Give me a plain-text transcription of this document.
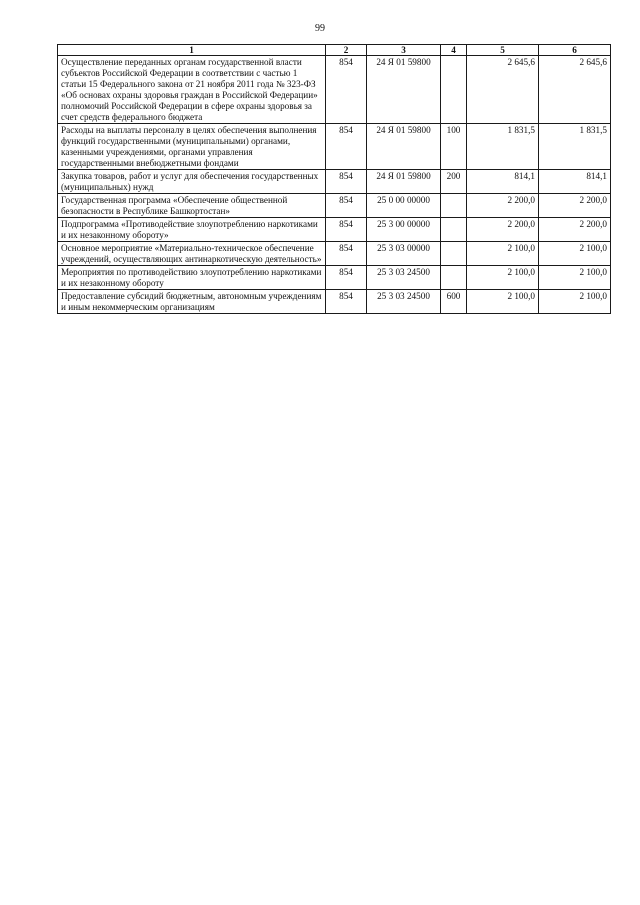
99
1	2	3	4	5	6
Осуществление переданных органам государственной власти субъектов Российской Федерации в соответствии с частью 1 статьи 15 Федерального закона от 21 ноября 2011 года № 323-ФЗ «Об основах охраны здоровья граждан в Российской Федерации» полномочий Российской Федерации в сфере охраны здоровья за счет средств федерального бюджета	854	24 Я 01 59800		2 645,6	2 645,6
Расходы на выплаты персоналу в целях обеспечения выполнения функций государственными (муниципальными) органами, казенными учреждениями, органами управления государственными внебюджетными фондами	854	24 Я 01 59800	100	1 831,5	1 831,5
Закупка товаров, работ и услуг для обеспечения государственных (муниципальных) нужд	854	24 Я 01 59800	200	814,1	814,1
Государственная программа «Обеспечение общественной безопасности в Республике Башкортостан»	854	25 0 00 00000		2 200,0	2 200,0
Подпрограмма «Противодействие злоупотреблению наркотиками и их незаконному обороту»	854	25 3 00 00000		2 200,0	2 200,0
Основное мероприятие «Материально-техническое обеспечение учреждений, осуществляющих антинаркотическую деятельность»	854	25 3 03 00000		2 100,0	2 100,0
Мероприятия по противодействию злоупотреблению наркотиками и их незаконному обороту	854	25 3 03 24500		2 100,0	2 100,0
Предоставление субсидий бюджетным, автономным учреждениям и иным некоммерческим организациям	854	25 3 03 24500	600	2 100,0	2 100,0
